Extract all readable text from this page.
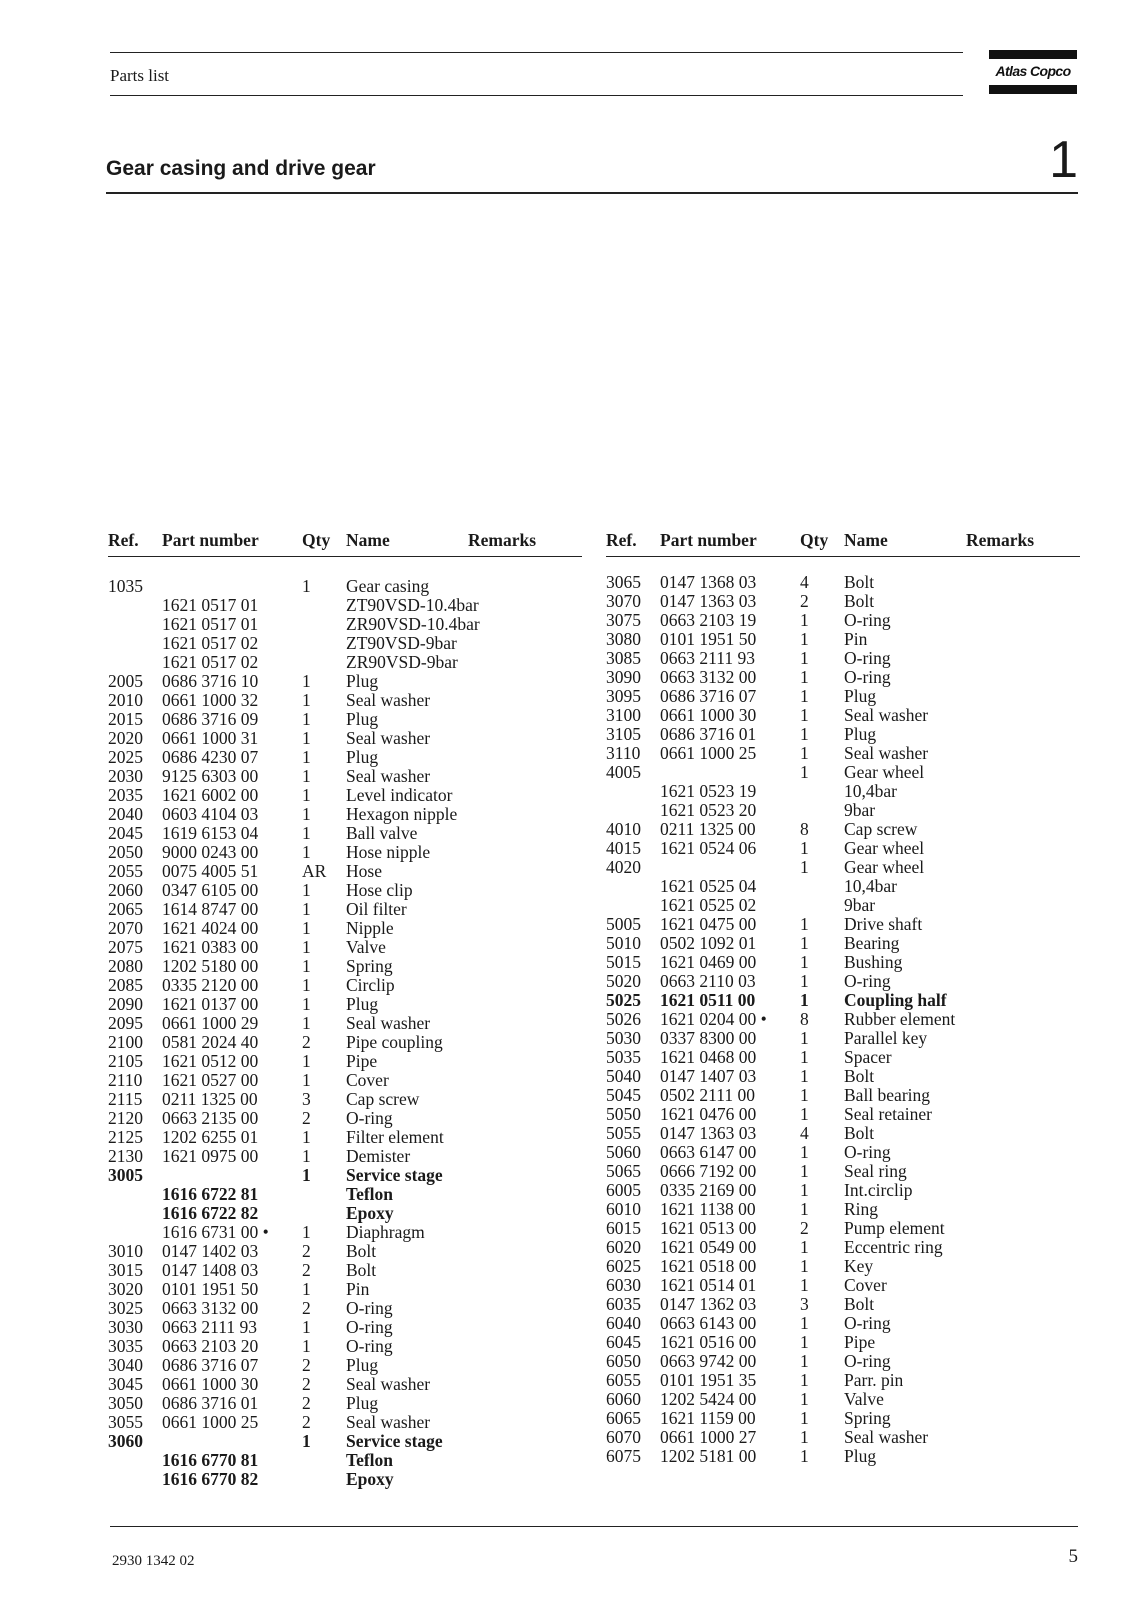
Parts list	Atlas Copco
Gear casing and drive gear	1
Ref. Part number Qty Name	Remarks
1035	1 Gear casing
1621 0517 01	ZT90VSD-10.4bar
1621 0517 01	ZR90VSD-10.4bar
1621 0517 02	ZT90VSD-9bar
1621 0517 02	ZR90VSD-9bar
2005 0686 3716 10	1 Plug
2010 0661 1000 32	1 Seal washer
2015 0686 3716 09	1 Plug
2020 0661 1000 31	1 Seal washer
2025 0686 4230 07	1 Plug
2030 9125 6303 00	1 Seal washer
2035 1621 6002 00	1 Level indicator
2040 0603 4104 03	1 Hexagon nipple
2045 1619 6153 04	1 Ball valve
2050 9000 0243 00	1 Hose nipple
2055 0075 4005 51	AR Hose
2060 0347 6105 00	1 Hose clip
2065 1614 8747 00	1 Oil filter
2070 1621 4024 00	1 Nipple
2075 1621 0383 00	1 Valve
2080 1202 5180 00	1 Spring
2085 0335 2120 00	1 Circlip
2090 1621 0137 00	1 Plug
2095 0661 1000 29	1 Seal washer
2100 0581 2024 40	2 Pipe coupling
2105 1621 0512 00	1 Pipe
2110 1621 0527 00	1 Cover
2115 0211 1325 00	3 Cap screw
2120 0663 2135 00	2 O-ring
2125 1202 6255 01	1 Filter element
2130 1621 0975 00	1 Demister
3005	1 Service stage
1616 6722 81	Teflon
1616 6722 82	Epoxy
1616 6731 00 • 1 Diaphragm
3010 0147 1402 03	2 Bolt
3015 0147 1408 03	2 Bolt
3020 0101 1951 50	1 Pin
3025 0663 3132 00	2 O-ring
3030 0663 2111 93	1 O-ring
3035 0663 2103 20	1 O-ring
3040 0686 3716 07	2 Plug
3045 0661 1000 30	2 Seal washer
3050 0686 3716 01	2 Plug
3055 0661 1000 25	2 Seal washer
3060	1 Service stage
1616 6770 81	Teflon
1616 6770 82	Epoxy
Ref. Part number Qty Name	Remarks
3065 0147 1368 03	4 Bolt
3070 0147 1363 03	2 Bolt
3075 0663 2103 19	1 O-ring
3080 0101 1951 50	1 Pin
3085 0663 2111 93	1 O-ring
3090 0663 3132 00	1 O-ring
3095 0686 3716 07	1 Plug
3100 0661 1000 30	1 Seal washer
3105 0686 3716 01	1 Plug
3110 0661 1000 25	1 Seal washer
4005	1 Gear wheel
1621 0523 19	10,4bar
1621 0523 20	9bar
4010 0211 1325 00	8 Cap screw
4015 1621 0524 06	1 Gear wheel
4020	1 Gear wheel
1621 0525 04	10,4bar
1621 0525 02	9bar
5005 1621 0475 00	1 Drive shaft
5010 0502 1092 01	1 Bearing
5015 1621 0469 00	1 Bushing
5020 0663 2110 03	1 O-ring
5025 1621 0511 00	1 Coupling half
5026 1621 0204 00 • 8 Rubber element
5030 0337 8300 00	1 Parallel key
5035 1621 0468 00	1 Spacer
5040 0147 1407 03	1 Bolt
5045 0502 2111 00	1 Ball bearing
5050 1621 0476 00	1 Seal retainer
5055 0147 1363 03	4 Bolt
5060 0663 6147 00	1 O-ring
5065 0666 7192 00	1 Seal ring
6005 0335 2169 00	1 Int.circlip
6010 1621 1138 00	1 Ring
6015 1621 0513 00	2 Pump element
6020 1621 0549 00	1 Eccentric ring
6025 1621 0518 00	1 Key
6030 1621 0514 01	1 Cover
6035 0147 1362 03	3 Bolt
6040 0663 6143 00	1 O-ring
6045 1621 0516 00	1 Pipe
6050 0663 9742 00	1 O-ring
6055 0101 1951 35	1 Parr. pin
6060 1202 5424 00	1 Valve
6065 1621 1159 00	1 Spring
6070 0661 1000 27	1 Seal washer
6075 1202 5181 00	1 Plug
2930 1342 02	5
